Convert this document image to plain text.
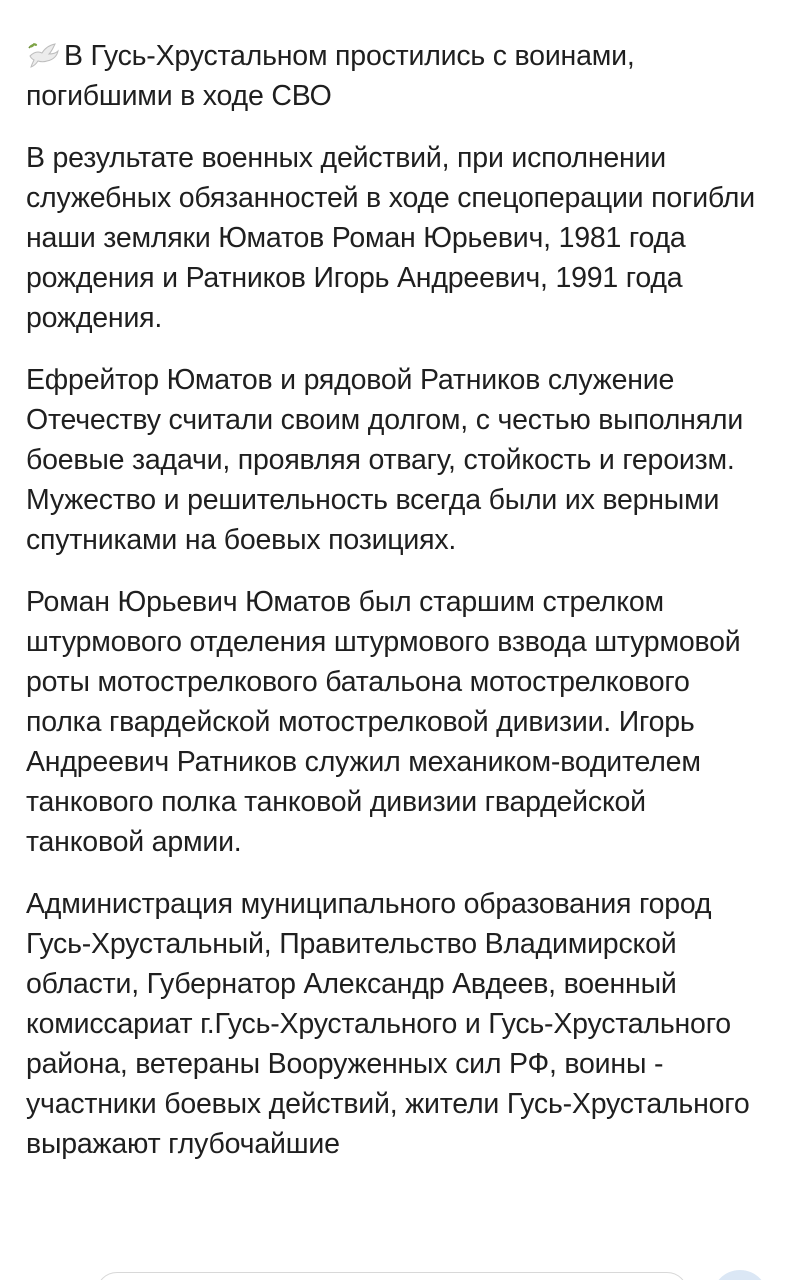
В Гусь-Хрустальном простились с воинами, погибшими в ходе СВО

В результате военных действий, при исполнении служебных обязанностей в ходе спецоперации погибли наши земляки Юматов Роман Юрьевич, 1981 года рождения и Ратников Игорь Андреевич, 1991 года рождения.

Ефрейтор Юматов и рядовой Ратников служение Отечеству считали своим долгом, с честью выполняли боевые задачи, проявляя отвагу, стойкость и героизм. Мужество и решительность всегда были их верными спутниками на боевых позициях.

Роман Юрьевич Юматов был старшим стрелком штурмового отделения штурмового взвода штурмовой роты мотострелкового батальона мотострелкового полка гвардейской мотострелковой дивизии. Игорь Андреевич Ратников служил механиком-водителем танкового полка танковой дивизии гвардейской танковой армии.

Администрация муниципального образования город Гусь-Хрустальный, Правительство Владимирской области, Губернатор Александр Авдеев, военный комиссариат г.Гусь-Хрустального и Гусь-Хрустального района, ветераны Вооруженных сил РФ, воины - участники боевых действий, жители Гусь-Хрустального выражают глубочайшие
